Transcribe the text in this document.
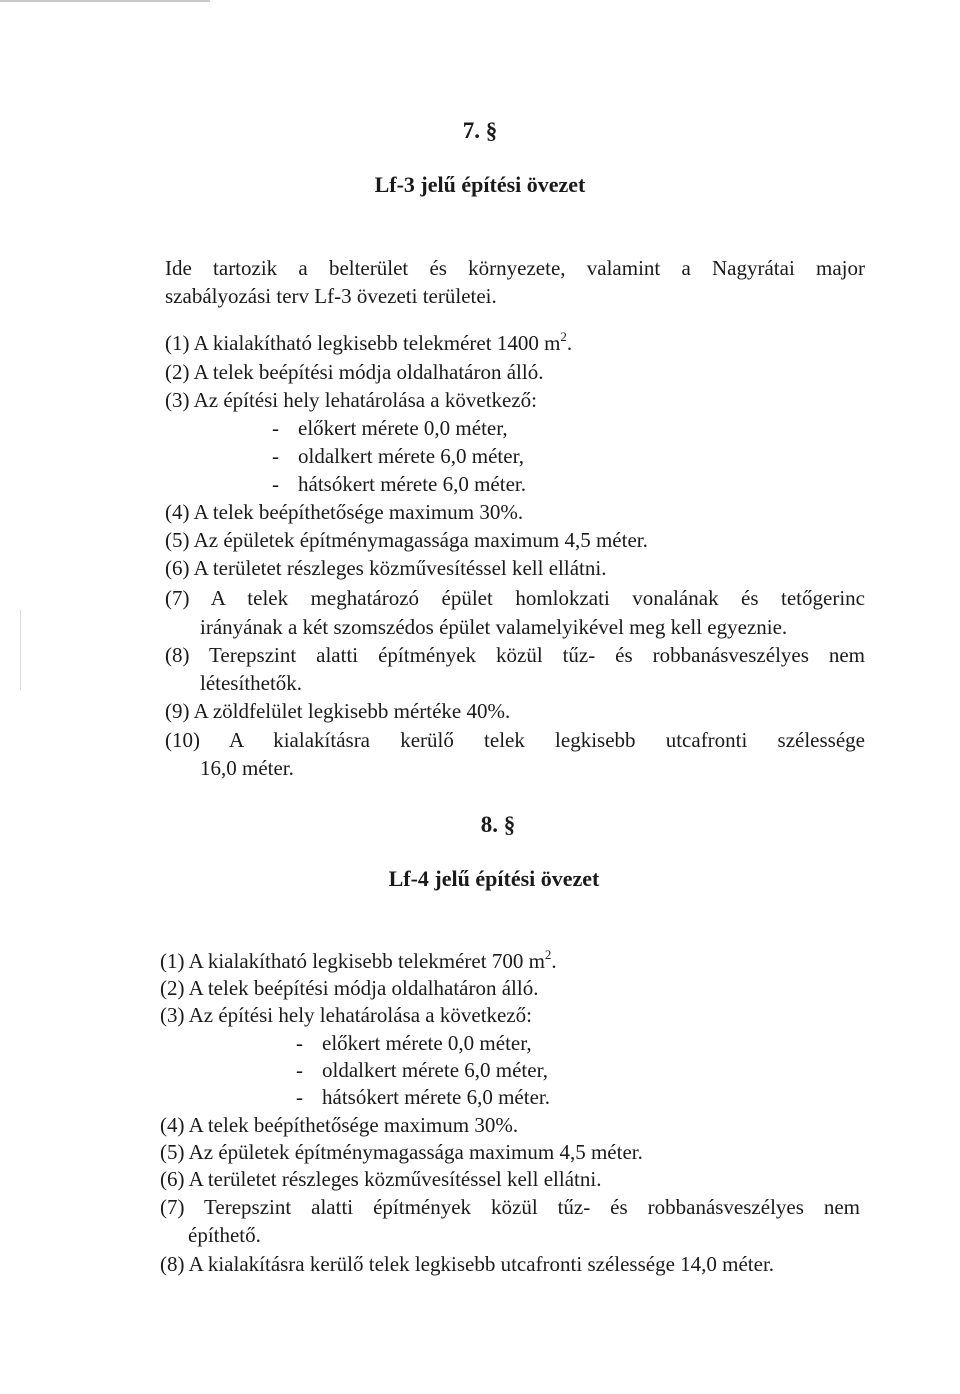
7. §
Lf-3 jelű építési övezet
Ide tartozik a belterület és környezete, valamint a Nagyrátai major
szabályozási terv Lf-3 övezeti területei.
(1) A kialakítható legkisebb telekméret 1400 $m^2$.
(2) A telek beépítési módja oldalhatáron álló.
(3) Az építési hely lehatárolása a következő:
- előkert mérete 0,0 méter,
- oldalkert mérete 6,0 méter,
- hátsókert mérete 6,0 méter.
(4) A telek beépíthetősége maximum 30%.
(5) Az épületek építménymagassága maximum 4,5 méter.
(6) A területet részleges közművesítéssel kell ellátni.
(7) A telek meghatározó épület homlokzati vonalának és tetőgerinc
irányának a két szomszédos épület valamelyikével meg kell egyeznie.
(8) Terepszint alatti építmények közül tűz- és robbanásveszélyes nem
létesíthetők.
(9) A zöldfelület legkisebb mértéke 40%.
(10) A kialakításra kerülő telek legkisebb utcafronti szélessége
16,0 méter.
8. §
Lf-4 jelű építési övezet
(1) A kialakítható legkisebb telekméret 700 $m^2$.
(2) A telek beépítési módja oldalhatáron álló.
(3) Az építési hely lehatárolása a következő:
- előkert mérete 0,0 méter,
- oldalkert mérete 6,0 méter,
- hátsókert mérete 6,0 méter.
(4) A telek beépíthetősége maximum 30%.
(5) Az épületek építménymagassága maximum 4,5 méter.
(6) A területet részleges közművesítéssel kell ellátni.
(7) Terepszint alatti építmények közül tűz- és robbanásveszélyes nem
építhető.
(8) A kialakításra kerülő telek legkisebb utcafronti szélessége 14,0 méter.
